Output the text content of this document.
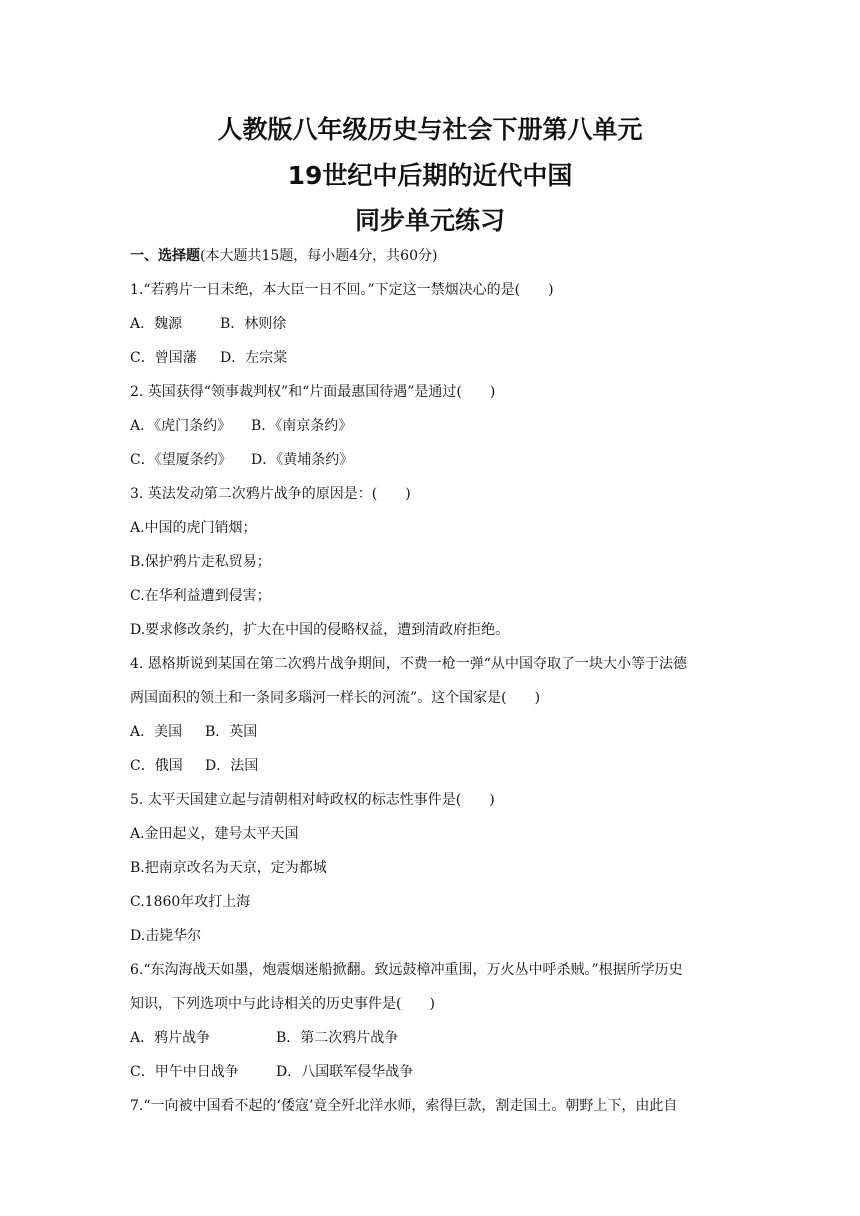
人教版八年级历史与社会下册第八单元
19世纪中后期的近代中国
同步单元练习
一、选择题(本大题共15题，每小题4分，共60分)
1.“若鸦片一日未绝，本大臣一日不回。”下定这一禁烟决心的是(　　)
A．魏源	B．林则徐
C．曾国藩 D．左宗棠
2. 英国获得“领事裁判权”和“片面最惠国待遇”是通过(　　)
A．《虎门条约》 B．《南京条约》
C．《望厦条约》 D．《黄埔条约》
3. 英法发动第二次鸦片战争的原因是：(　　)
A.中国的虎门销烟；
B.保护鸦片走私贸易；
C.在华利益遭到侵害；
D.要求修改条约，扩大在中国的侵略权益，遭到清政府拒绝。
4. 恩格斯说到某国在第二次鸦片战争期间，不费一枪一弹“从中国夺取了一块大小等于法德
两国面积的领土和一条同多瑙河一样长的河流”。这个国家是(　　)
A．美国 B．英国
C．俄国 D．法国
5. 太平天国建立起与清朝相对峙政权的标志性事件是(　　)
A.金田起义，建号太平天国
B.把南京改名为天京，定为都城
C.1860年攻打上海
D.击毙华尔
6.“东沟海战天如墨，炮震烟迷船掀翻。致远鼓樟冲重围，万火丛中呼杀贼。”根据所学历史
知识，下列选项中与此诗相关的历史事件是(　　)
A．鸦片战争	B．第二次鸦片战争
C．甲午中日战争	D．八国联军侵华战争
7.“一向被中国看不起的‘倭寇’竟全歼北洋水师，索得巨款，割走国土。朝野上下，由此自
